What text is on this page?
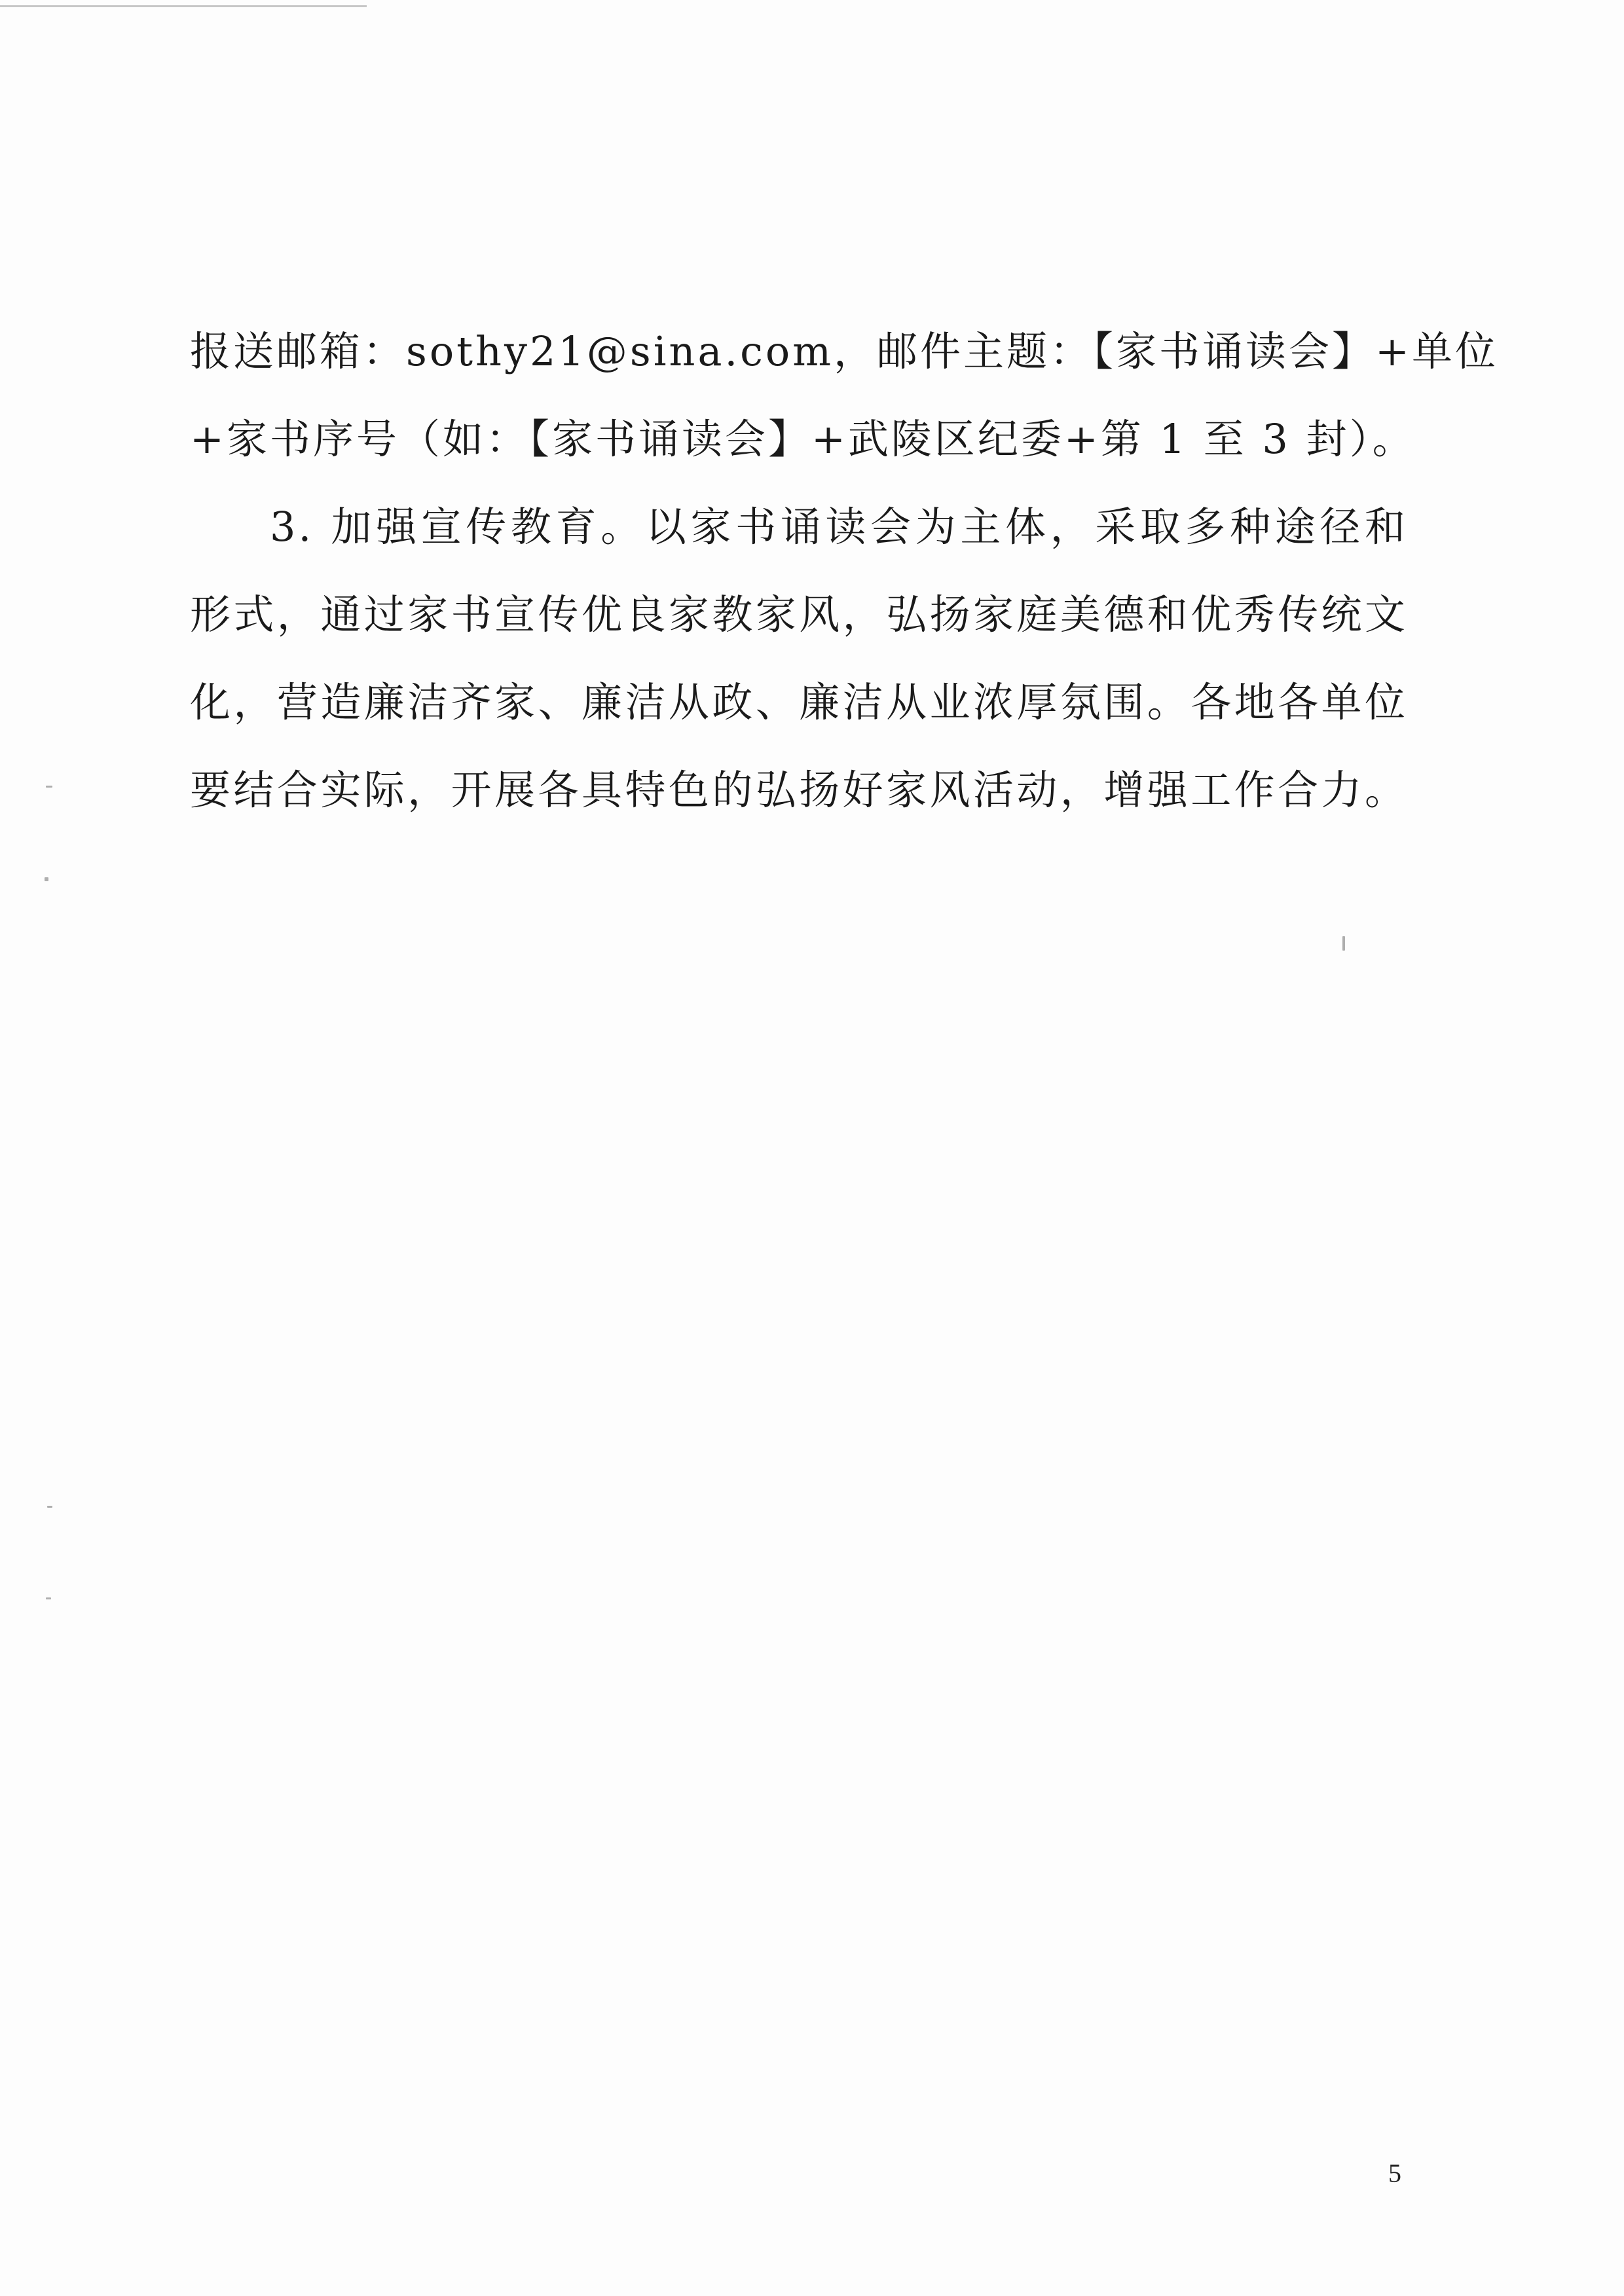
报送邮箱：sothy21@sina.com，邮件主题：【家书诵读会】+单位
+家书序号（如：【家书诵读会】+武陵区纪委+第 1 至 3 封）。
3. 加强宣传教育。以家书诵读会为主体，采取多种途径和
形式，通过家书宣传优良家教家风，弘扬家庭美德和优秀传统文
化，营造廉洁齐家、廉洁从政、廉洁从业浓厚氛围。各地各单位
要结合实际，开展各具特色的弘扬好家风活动，增强工作合力。
5
